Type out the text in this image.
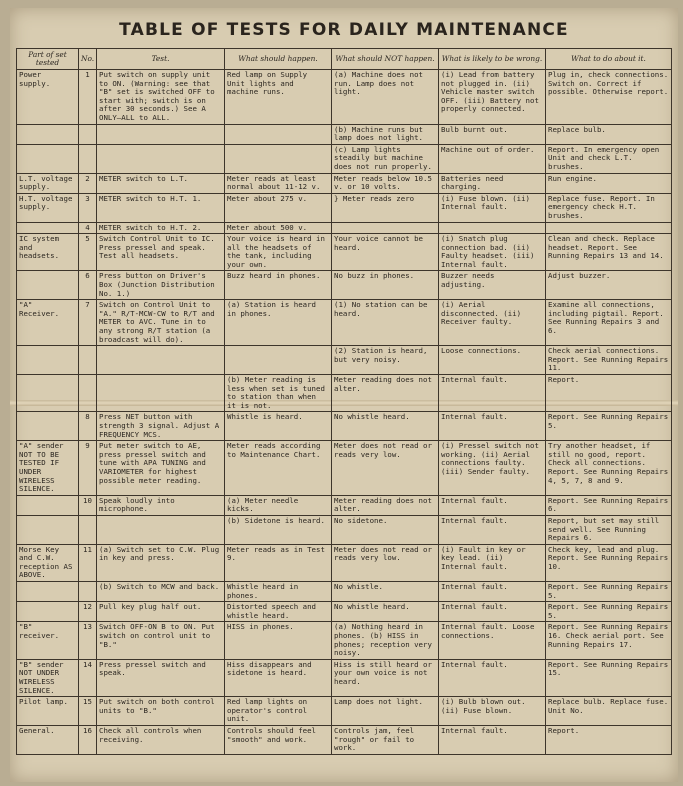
TABLE OF TESTS FOR DAILY MAINTENANCE
Part of set tested	No.	Test.	What should happen.	What should NOT happen.	What is likely to be wrong.	What to do about it.
Power supply.	1	Put switch on supply unit to ON. (Warning: see that "B" set is switched OFF to start with; switch is on after 30 seconds.) See A ONLY—ALL to ALL.	Red lamp on Supply Unit lights and machine runs.	(a) Machine does not run. Lamp does not light.	(i) Lead from battery not plugged in. (ii) Vehicle master switch OFF. (iii) Battery not properly connected.	Plug in, check connections. Switch on. Correct if possible. Otherwise report.
				(b) Machine runs but lamp does not light.	Bulb burnt out.	Replace bulb.
				(c) Lamp lights steadily but machine does not run properly.	Machine out of order.	Report. In emergency open Unit and check L.T. brushes.
L.T. voltage supply.	2	METER switch to L.T.	Meter reads at least normal about 11-12 v.	Meter reads below 10.5 v. or 10 volts.	Batteries need charging.	Run engine.
H.T. voltage supply.	3	METER switch to H.T. 1.	Meter about 275 v.	} Meter reads zero	(i) Fuse blown. (ii) Internal fault.	Replace fuse. Report. In emergency check H.T. brushes.
	4	METER switch to H.T. 2.	Meter about 500 v.			
IC system and headsets.	5	Switch Control Unit to IC. Press pressel and speak. Test all headsets.	Your voice is heard in all the headsets of the tank, including your own.	Your voice cannot be heard.	(i) Snatch plug connection bad. (ii) Faulty headset. (iii) Internal fault.	Clean and check. Replace headset. Report. See Running Repairs 13 and 14.
	6	Press button on Driver's Box (Junction Distribution No. 1.)	Buzz heard in phones.	No buzz in phones.	Buzzer needs adjusting.	Adjust buzzer.
"A" Receiver.	7	Switch on Control Unit to "A." R/T-MCW-CW to R/T and METER to AVC. Tune in to any strong R/T station (a broadcast will do).	(a) Station is heard in phones.	(1) No station can be heard.	(i) Aerial disconnected. (ii) Receiver faulty.	Examine all connections, including pigtail. Report. See Running Repairs 3 and 6.
				(2) Station is heard, but very noisy.	Loose connections.	Check aerial connections. Report. See Running Repairs 11.
			(b) Meter reading is less when set is tuned to station than when it is not.	Meter reading does not alter.	Internal fault.	Report.
	8	Press NET button with strength 3 signal. Adjust A FREQUENCY MCS.	Whistle is heard.	No whistle heard.	Internal fault.	Report. See Running Repairs 5.
"A" sender NOT TO BE TESTED IF UNDER WIRELESS SILENCE.	9	Put meter switch to AE, press pressel switch and tune with APA TUNING and VARIOMETER for highest possible meter reading.	Meter reads according to Maintenance Chart.	Meter does not read or reads very low.	(i) Pressel switch not working. (ii) Aerial connections faulty. (iii) Sender faulty.	Try another headset, if still no good, report. Check all connections. Report. See Running Repairs 4, 5, 7, 8 and 9.
	10	Speak loudly into microphone.	(a) Meter needle kicks.	Meter reading does not alter.	Internal fault.	Report. See Running Repairs 6.
			(b) Sidetone is heard.	No sidetone.	Internal fault.	Report, but set may still send well. See Running Repairs 6.
Morse Key and C.W. reception AS ABOVE.	11	(a) Switch set to C.W. Plug in key and press.	Meter reads as in Test 9.	Meter does not read or reads very low.	(i) Fault in key or key lead. (ii) Internal fault.	Check key, lead and plug. Report. See Running Repairs 10.
		(b) Switch to MCW and back.	Whistle heard in phones.	No whistle.	Internal fault.	Report. See Running Repairs 5.
	12	Pull key plug half out.	Distorted speech and whistle heard.	No whistle heard.	Internal fault.	Report. See Running Repairs 5.
"B" receiver.	13	Switch OFF-ON B to ON. Put switch on control unit to "B."	HISS in phones.	(a) Nothing heard in phones. (b) HISS in phones; reception very noisy.	Internal fault. Loose connections.	Report. See Running Repairs 16. Check aerial port. See Running Repairs 17.
"B" sender NOT UNDER WIRELESS SILENCE.	14	Press pressel switch and speak.	Hiss disappears and sidetone is heard.	Hiss is still heard or your own voice is not heard.	Internal fault.	Report. See Running Repairs 15.
Pilot lamp.	15	Put switch on both control units to "B."	Red lamp lights on operator's control unit.	Lamp does not light.	(i) Bulb blown out. (ii) Fuse blown.	Replace bulb. Replace fuse. Unit No.
General.	16	Check all controls when receiving.	Controls should feel "smooth" and work.	Controls jam, feel "rough" or fail to work.	Internal fault.	Report.
